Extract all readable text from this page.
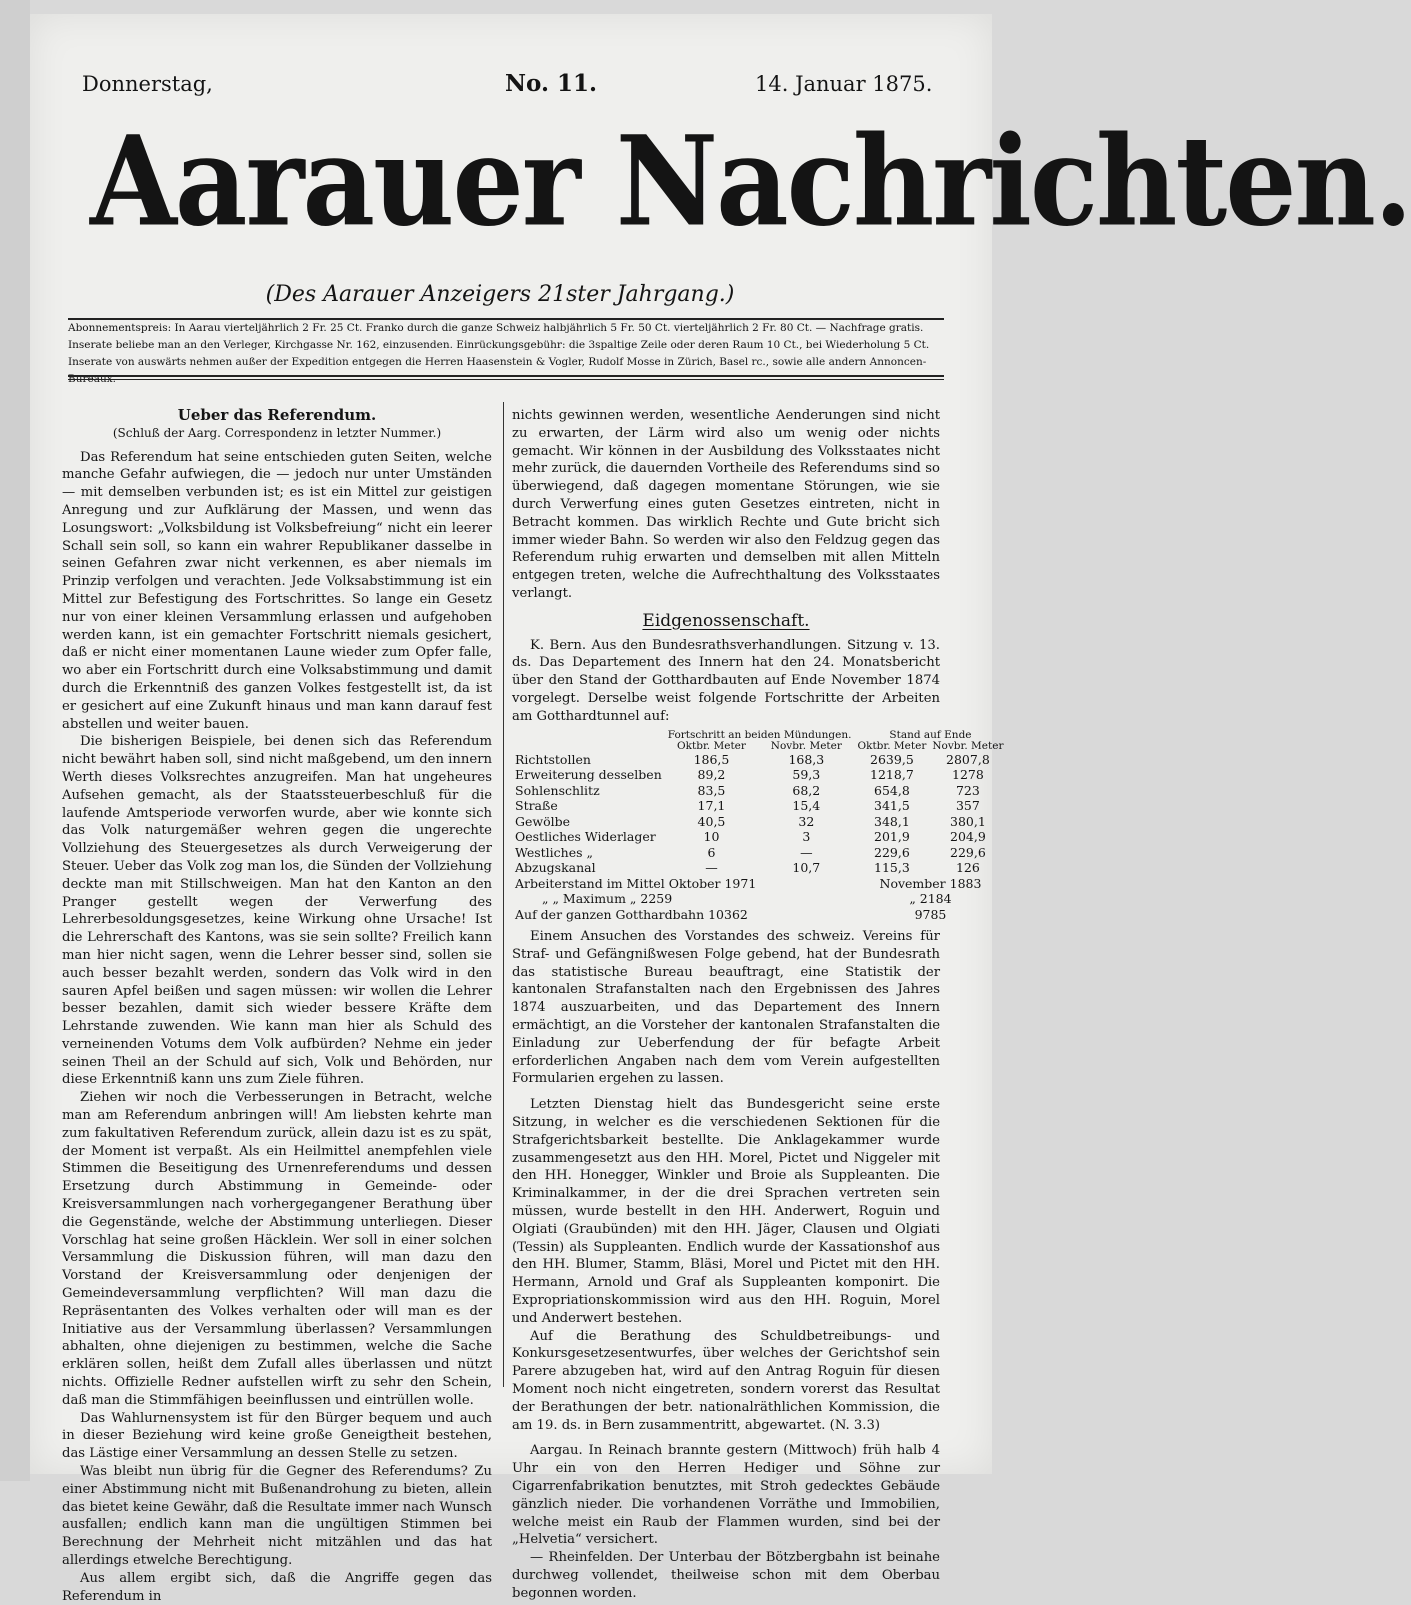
Donnerstag,	No. 11.	14. Januar 1875.
Aarauer Nachrichten.
(Des Aarauer Anzeigers 21ster Jahrgang.)
Abonnementspreis: In Aarau vierteljährlich 2 Fr. 25 Ct. Franko durch die ganze Schweiz halbjährlich 5 Fr. 50 Ct. vierteljährlich 2 Fr. 80 Ct. — Nachfrage gratis.
Inserate beliebe man an den Verleger, Kirchgasse Nr. 162, einzusenden. Einrückungsgebühr: die 3spaltige Zeile oder deren Raum 10 Ct., bei Wiederholung 5 Ct.
Inserate von auswärts nehmen außer der Expedition entgegen die Herren Haasenstein & Vogler, Rudolf Mosse in Zürich, Basel rc., sowie alle andern Annoncen-Bureaux.

Ueber das Referendum.

(Schluß der Aarg. Correspondenz in letzter Nummer.)

Das Referendum hat seine entschieden guten Seiten, welche manche Gefahr aufwiegen, die — jedoch nur unter Umständen — mit demselben verbunden ist; es ist ein Mittel zur geistigen Anregung und zur Aufklärung der Massen, und wenn das Losungswort: „Volksbildung ist Volksbefreiung“ nicht ein leerer Schall sein soll, so kann ein wahrer Republikaner dasselbe in seinen Gefahren zwar nicht verkennen, es aber niemals im Prinzip verfolgen und verachten. Jede Volksabstimmung ist ein Mittel zur Befestigung des Fortschrittes. So lange ein Gesetz nur von einer kleinen Versammlung erlassen und aufgehoben werden kann, ist ein gemachter Fortschritt niemals gesichert, daß er nicht einer momentanen Laune wieder zum Opfer falle, wo aber ein Fortschritt durch eine Volksabstimmung und damit durch die Erkenntniß des ganzen Volkes festgestellt ist, da ist er gesichert auf eine Zukunft hinaus und man kann darauf fest abstellen und weiter bauen.

Die bisherigen Beispiele, bei denen sich das Referendum nicht bewährt haben soll, sind nicht maßgebend, um den innern Werth dieses Volksrechtes anzugreifen. Man hat ungeheures Aufsehen gemacht, als der Staatssteuerbeschluß für die laufende Amtsperiode verworfen wurde, aber wie konnte sich das Volk naturgemäßer wehren gegen die ungerechte Vollziehung des Steuergesetzes als durch Verweigerung der Steuer. Ueber das Volk zog man los, die Sünden der Vollziehung deckte man mit Stillschweigen. Man hat den Kanton an den Pranger gestellt wegen der Verwerfung des Lehrerbesoldungsgesetzes, keine Wirkung ohne Ursache! Ist die Lehrerschaft des Kantons, was sie sein sollte? Freilich kann man hier nicht sagen, wenn die Lehrer besser sind, sollen sie auch besser bezahlt werden, sondern das Volk wird in den sauren Apfel beißen und sagen müssen: wir wollen die Lehrer besser bezahlen, damit sich wieder bessere Kräfte dem Lehrstande zuwenden. Wie kann man hier als Schuld des verneinenden Votums dem Volk aufbürden? Nehme ein jeder seinen Theil an der Schuld auf sich, Volk und Behörden, nur diese Erkenntniß kann uns zum Ziele führen.

Ziehen wir noch die Verbesserungen in Betracht, welche man am Referendum anbringen will! Am liebsten kehrte man zum fakultativen Referendum zurück, allein dazu ist es zu spät, der Moment ist verpaßt. Als ein Heilmittel anempfehlen viele Stimmen die Beseitigung des Urnenreferendums und dessen Ersetzung durch Abstimmung in Gemeinde- oder Kreisversammlungen nach vorhergegangener Berathung über die Gegenstände, welche der Abstimmung unterliegen. Dieser Vorschlag hat seine großen Häcklein. Wer soll in einer solchen Versammlung die Diskussion führen, will man dazu den Vorstand der Kreisversammlung oder denjenigen der Gemeindeversammlung verpflichten? Will man dazu die Repräsentanten des Volkes verhalten oder will man es der Initiative aus der Versammlung überlassen? Versammlungen abhalten, ohne diejenigen zu bestimmen, welche die Sache erklären sollen, heißt dem Zufall alles überlassen und nützt nichts. Offizielle Redner aufstellen wirft zu sehr den Schein, daß man die Stimmfähigen beeinflussen und eintrüllen wolle.

Das Wahlurnensystem ist für den Bürger bequem und auch in dieser Beziehung wird keine große Geneigtheit bestehen, das Lästige einer Versammlung an dessen Stelle zu setzen.

Was bleibt nun übrig für die Gegner des Referendums? Zu einer Abstimmung nicht mit Bußenandrohung zu bieten, allein das bietet keine Gewähr, daß die Resultate immer nach Wunsch ausfallen; endlich kann man die ungültigen Stimmen bei Berechnung der Mehrheit nicht mitzählen und das hat allerdings etwelche Berechtigung.

Aus allem ergibt sich, daß die Angriffe gegen das Referendum in

nichts gewinnen werden, wesentliche Aenderungen sind nicht zu erwarten, der Lärm wird also um wenig oder nichts gemacht. Wir können in der Ausbildung des Volksstaates nicht mehr zurück, die dauernden Vortheile des Referendums sind so überwiegend, daß dagegen momentane Störungen, wie sie durch Verwerfung eines guten Gesetzes eintreten, nicht in Betracht kommen. Das wirklich Rechte und Gute bricht sich immer wieder Bahn. So werden wir also den Feldzug gegen das Referendum ruhig erwarten und demselben mit allen Mitteln entgegen treten, welche die Aufrechthaltung des Volksstaates verlangt.

Eidgenossenschaft.

K. Bern. Aus den Bundesrathsverhandlungen. Sitzung v. 13. ds. Das Departement des Innern hat den 24. Monatsbericht über den Stand der Gotthardbauten auf Ende November 1874 vorgelegt. Derselbe weist folgende Fortschritte der Arbeiten am Gotthardtunnel auf:

	Fortschritt an beiden Mündungen.		Stand auf Ende	
	Oktbr. Meter	Novbr. Meter	Oktbr. Meter	Novbr. Meter
Richtstollen	186,5	168,3	2639,5	2807,8
Erweiterung desselben	89,2	59,3	1218,7	1278
Sohlenschlitz	83,5	68,2	654,8	723
Straße	17,1	15,4	341,5	357
Gewölbe	40,5	32	348,1	380,1
Oestliches Widerlager	10	3	201,9	204,9
Westliches „	6	—	229,6	229,6
Abzugskanal	—	10,7	115,3	126
Arbeiterstand im Mittel Oktober 1971			November 1883	
„ „ Maximum „ 2259			„ 2184	
Auf der ganzen Gotthardbahn 10362			9785	

Einem Ansuchen des Vorstandes des schweiz. Vereins für Straf- und Gefängnißwesen Folge gebend, hat der Bundesrath das statistische Bureau beauftragt, eine Statistik der kantonalen Strafanstalten nach den Ergebnissen des Jahres 1874 auszuarbeiten, und das Departement des Innern ermächtigt, an die Vorsteher der kantonalen Strafanstalten die Einladung zur Ueberfendung der für befagte Arbeit erforderlichen Angaben nach dem vom Verein aufgestellten Formularien ergehen zu lassen.

Letzten Dienstag hielt das Bundesgericht seine erste Sitzung, in welcher es die verschiedenen Sektionen für die Strafgerichtsbarkeit bestellte. Die Anklagekammer wurde zusammengesetzt aus den HH. Morel, Pictet und Niggeler mit den HH. Honegger, Winkler und Broie als Suppleanten. Die Kriminalkammer, in der die drei Sprachen vertreten sein müssen, wurde bestellt in den HH. Anderwert, Roguin und Olgiati (Graubünden) mit den HH. Jäger, Clausen und Olgiati (Tessin) als Suppleanten. Endlich wurde der Kassationshof aus den HH. Blumer, Stamm, Bläsi, Morel und Pictet mit den HH. Hermann, Arnold und Graf als Suppleanten komponirt. Die Expropriationskommission wird aus den HH. Roguin, Morel und Anderwert bestehen.

Auf die Berathung des Schuldbetreibungs- und Konkursgesetzesentwurfes, über welches der Gerichtshof sein Parere abzugeben hat, wird auf den Antrag Roguin für diesen Moment noch nicht eingetreten, sondern vorerst das Resultat der Berathungen der betr. nationalräthlichen Kommission, die am 19. ds. in Bern zusammentritt, abgewartet. (N. 3.3)

Aargau. In Reinach brannte gestern (Mittwoch) früh halb 4 Uhr ein von den Herren Hediger und Söhne zur Cigarrenfabrikation benutztes, mit Stroh gedecktes Gebäude gänzlich nieder. Die vorhandenen Vorräthe und Immobilien, welche meist ein Raub der Flammen wurden, sind bei der „Helvetia“ versichert.

— Rheinfelden. Der Unterbau der Bötzbergbahn ist beinahe durchweg vollendet, theilweise schon mit dem Oberbau begonnen worden.
